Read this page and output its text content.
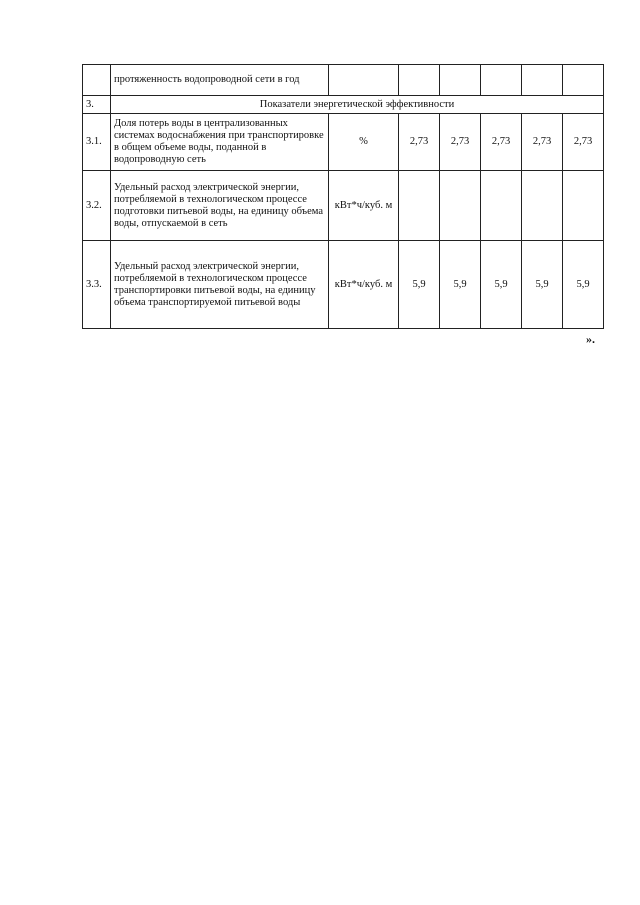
	протяженность водопроводной сети в год						
3.	Показатели энергетической эффективности						
3.1.	Доля потерь воды в централизованных системах водоснабжения при транспортировке в общем объеме воды, поданной в водопроводную сеть	%	2,73	2,73	2,73	2,73	2,73
3.2.	Удельный расход электрической энергии, потребляемой в технологическом процессе подготовки питьевой воды, на единицу объема воды, отпускаемой в сеть	кВт*ч/куб. м					
3.3.	Удельный расход электрической энергии, потребляемой в технологическом процессе транспортировки питьевой воды, на единицу объема транспортируемой питьевой воды	кВт*ч/куб. м	5,9	5,9	5,9	5,9	5,9
».
